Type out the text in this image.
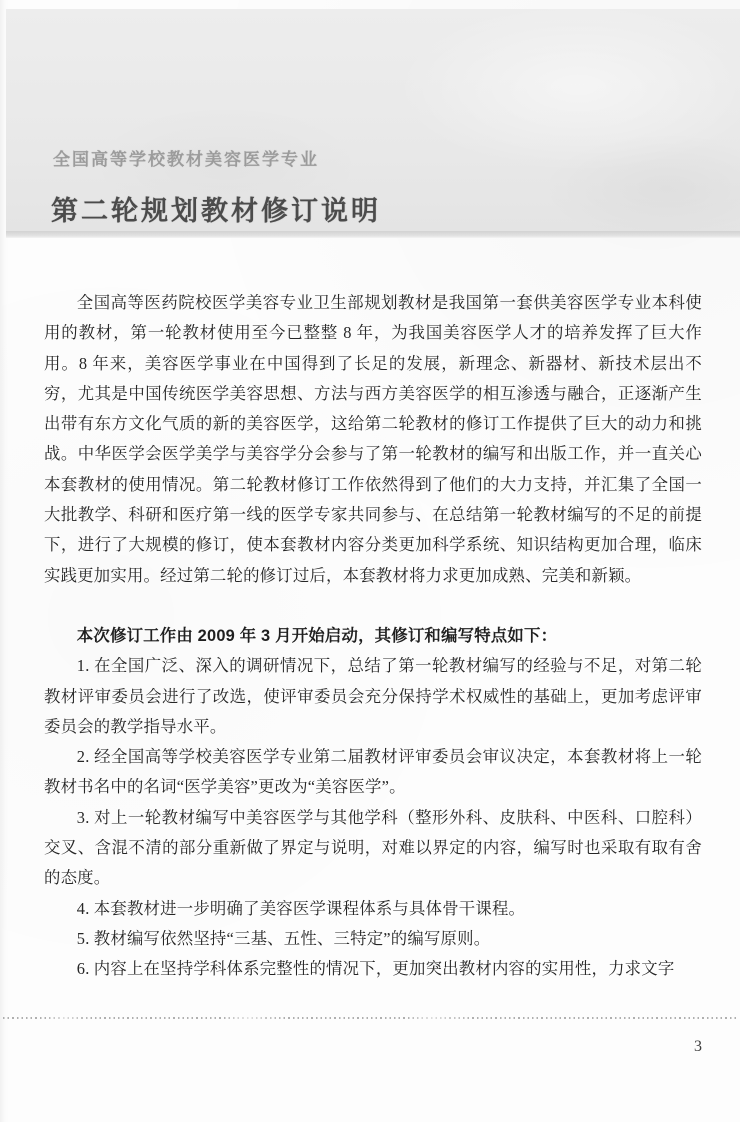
全国高等学校教材美容医学专业
第二轮规划教材修订说明

全国高等医药院校医学美容专业卫生部规划教材是我国第一套供美容医学专业本科使用的教材，第一轮教材使用至今已整整 8 年，为我国美容医学人才的培养发挥了巨大作用。8 年来，美容医学事业在中国得到了长足的发展，新理念、新器材、新技术层出不穷，尤其是中国传统医学美容思想、方法与西方美容医学的相互渗透与融合，正逐渐产生出带有东方文化气质的新的美容医学，这给第二轮教材的修订工作提供了巨大的动力和挑战。中华医学会医学美学与美容学分会参与了第一轮教材的编写和出版工作，并一直关心本套教材的使用情况。第二轮教材修订工作依然得到了他们的大力支持，并汇集了全国一大批教学、科研和医疗第一线的医学专家共同参与、在总结第一轮教材编写的不足的前提下，进行了大规模的修订，使本套教材内容分类更加科学系统、知识结构更加合理，临床实践更加实用。经过第二轮的修订过后，本套教材将力求更加成熟、完美和新颖。

本次修订工作由 2009 年 3 月开始启动，其修订和编写特点如下：

1. 在全国广泛、深入的调研情况下，总结了第一轮教材编写的经验与不足，对第二轮教材评审委员会进行了改选，使评审委员会充分保持学术权威性的基础上，更加考虑评审委员会的教学指导水平。

2. 经全国高等学校美容医学专业第二届教材评审委员会审议决定，本套教材将上一轮教材书名中的名词“医学美容”更改为“美容医学”。

3. 对上一轮教材编写中美容医学与其他学科（整形外科、皮肤科、中医科、口腔科）交叉、含混不清的部分重新做了界定与说明，对难以界定的内容，编写时也采取有取有舍的态度。

4. 本套教材进一步明确了美容医学课程体系与具体骨干课程。

5. 教材编写依然坚持“三基、五性、三特定”的编写原则。

6. 内容上在坚持学科体系完整性的情况下，更加突出教材内容的实用性，力求文字

3
